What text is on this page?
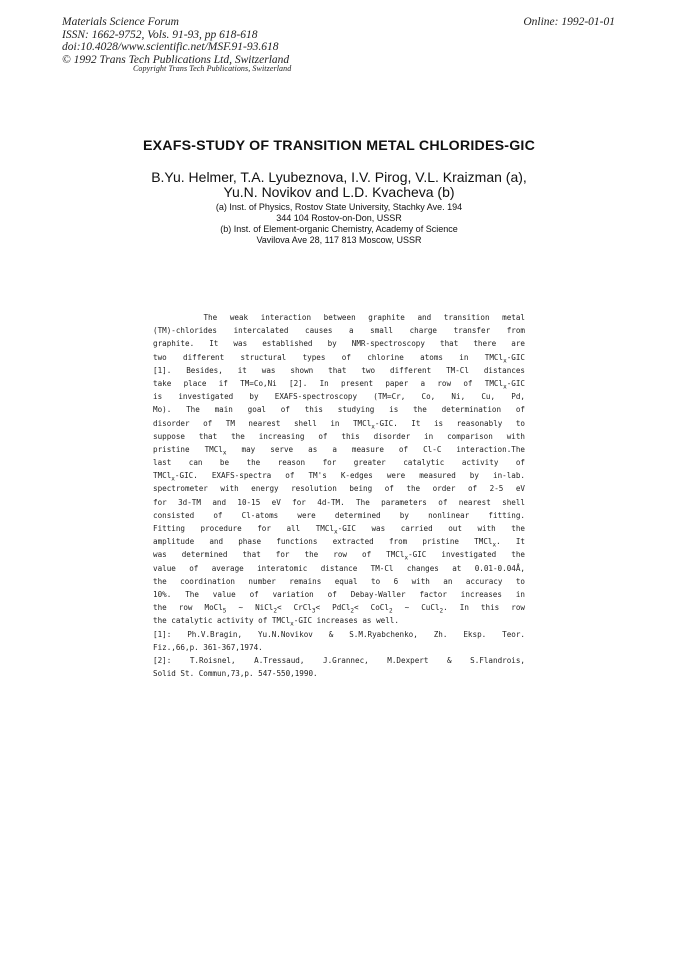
Materials Science Forum
ISSN: 1662-9752, Vols. 91-93, pp 618-618
doi:10.4028/www.scientific.net/MSF.91-93.618
© 1992 Trans Tech Publications Ltd, Switzerland
Online: 1992-01-01
Copyright Trans Tech Publications, Switzerland
EXAFS-STUDY OF TRANSITION METAL CHLORIDES-GIC
B.Yu. Helmer, T.A. Lyubeznova, I.V. Pirog, V.L. Kraizman (a),
Yu.N. Novikov and L.D. Kvacheva (b)
(a) Inst. of Physics, Rostov State University, Stachky Ave. 194
344 104 Rostov-on-Don, USSR
(b) Inst. of Element-organic Chemistry, Academy of Science
Vavilova Ave 28, 117 813 Moscow, USSR
The weak interaction between graphite and transition metal
(TM)-chlorides intercalated causes a small charge transfer from
graphite. It was established by NMR-spectroscopy that there are
two different structural types of chlorine atoms in TMCl$_x$-GIC
[1]. Besides, it was shown that two different TM-Cl distances
take place if TM=Co,Ni [2]. In present paper a row of TMCl$_x$-GIC
is investigated by EXAFS-spectroscopy (TM=Cr, Co, Ni, Cu, Pd,
Mo). The main goal of this studying is the determination of
disorder of TM nearest shell in TMCl$_x$-GIC. It is reasonably to
suppose that the increasing of this disorder in comparison with
pristine TMCl$_x$ may serve as a measure of Cl-C interaction.The
last can be the reason for greater catalytic activity of
TMCl$_x$-GIC. EXAFS-spectra of TM's K-edges were measured by in-lab.
spectrometer with energy resolution being of the order of 2-5 eV
for 3d-TM and 10-15 eV for 4d-TM. The parameters of nearest shell
consisted of Cl-atoms were determined by nonlinear fitting.
Fitting procedure for all TMCl$_x$-GIC was carried out with the
amplitude and phase functions extracted from pristine TMCl$_x$. It
was determined that for the row of TMCl$_x$-GIC investigated the
value of average interatomic distance TM-Cl changes at 0.01-0.04Å,
the coordination number remains equal to 6 with an accuracy to
10%. The value of variation of Debay-Waller factor increases in
the row MoCl$_5$ ~ NiCl$_2$< CrCl$_3$< PdCl$_2$< CoCl$_2$ ~ CuCl$_2$. In this row
the catalytic activity of TMCl$_x$-GIC increases as well.
[1]: Ph.V.Bragin, Yu.N.Novikov & S.M.Ryabchenko, Zh. Eksp. Teor.
Fiz.,66,p. 361-367,1974.
[2]: T.Roisnel, A.Tressaud, J.Grannec, M.Dexpert & S.Flandrois,
Solid St. Commun,73,p. 547-550,1990.
